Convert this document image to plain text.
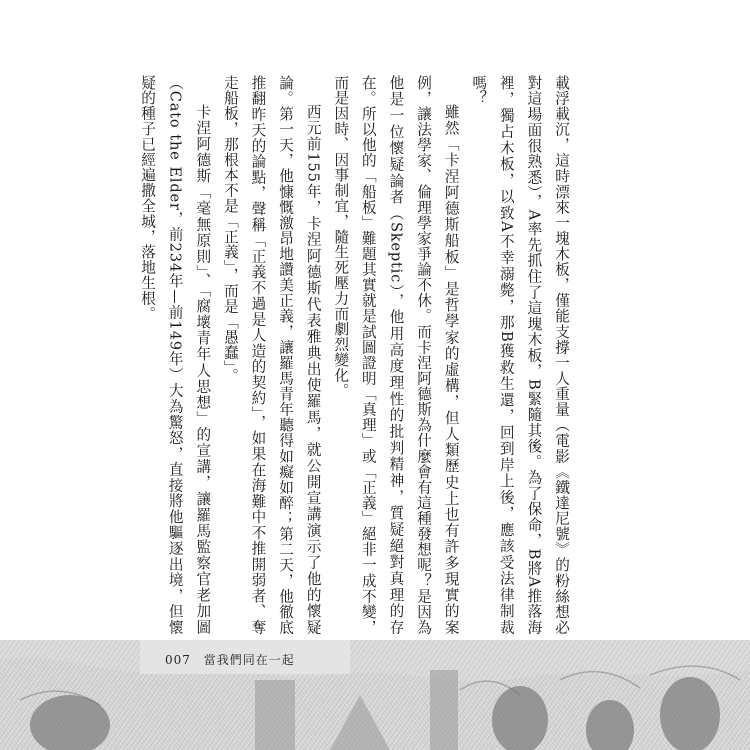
載浮載沉，這時漂來一塊木板，僅能支撐一人重量（電影《鐵達尼號》的粉絲想必對這場面很熟悉），A率先抓住了這塊木板，B緊隨其後。為了保命，B將A推落海裡，獨占木板，以致A不幸溺斃，那B獲救生還，回到岸上後，應該受法律制裁嗎？

雖然「卡涅阿德斯船板」是哲學家的虛構，但人類歷史上也有許多現實的案例，讓法學家、倫理學家爭論不休。而卡涅阿德斯為什麼會有這種發想呢？是因為他是一位懷疑論者（Skeptic），他用高度理性的批判精神，質疑絕對真理的存在。所以他的「船板」難題其實就是試圖證明「真理」或「正義」絕非一成不變，而是因時、因事制宜，隨生死壓力而劇烈變化。

西元前155年，卡涅阿德斯代表雅典出使羅馬，就公開宣講演示了他的懷疑論。第一天，他慷慨激昂地讚美正義，讓羅馬青年聽得如癡如醉；第二天，他徹底推翻昨天的論點，聲稱「正義不過是人造的契約」，如果在海難中不推開弱者、奪走船板，那根本不是「正義」，而是「愚蠢」。

卡涅阿德斯「毫無原則」、「腐壞青年人思想」的宣講，讓羅馬監察官老加圖（Cato the Elder，前234年—前149年）大為驚怒，直接將他驅逐出境，但懷疑的種子已經遍撒全城，落地生根。

007 當我們同在一起
